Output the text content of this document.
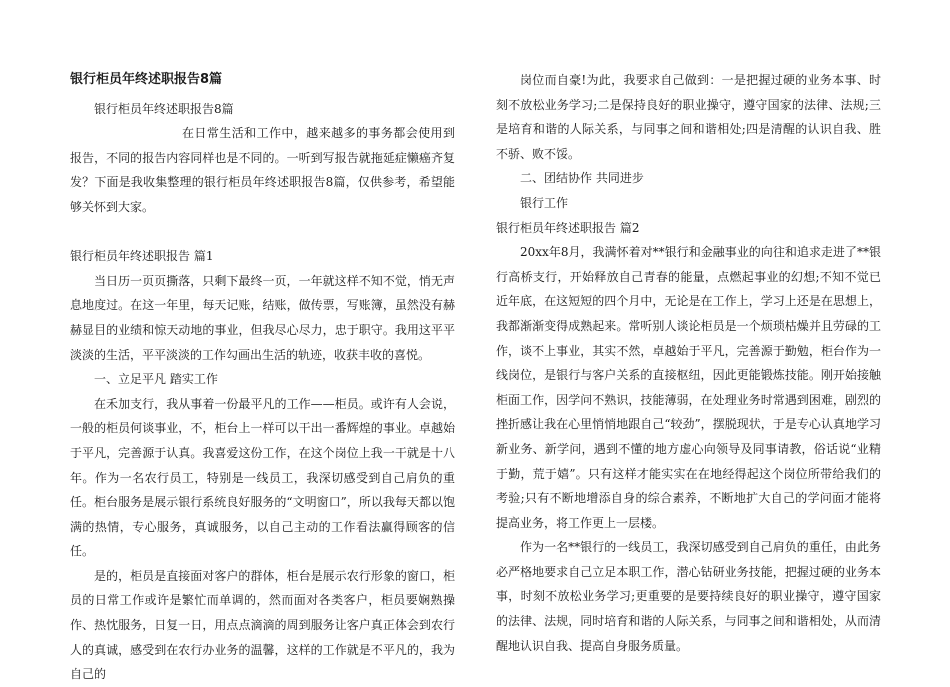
银行柜员年终述职报告8篇

银行柜员年终述职报告8篇

在日常生活和工作中，越来越多的事务都会使用到报告，不同的报告内容同样也是不同的。一听到写报告就拖延症懒癌齐复发？下面是我收集整理的银行柜员年终述职报告8篇，仅供参考，希望能够关怀到大家。

银行柜员年终述职报告 篇1

当日历一页页撕落，只剩下最终一页，一年就这样不知不觉，悄无声息地度过。在这一年里，每天记账，结账，做传票，写账簿，虽然没有赫赫显目的业绩和惊天动地的事业，但我尽心尽力，忠于职守。我用这平平淡淡的生活，平平淡淡的工作勾画出生活的轨迹，收获丰收的喜悦。

一、立足平凡 踏实工作

在禾加支行，我从事着一份最平凡的工作——柜员。或许有人会说，一般的柜员何谈事业，不，柜台上一样可以干出一番辉煌的事业。卓越始于平凡，完善源于认真。我喜爱这份工作，在这个岗位上我一干就是十八年。作为一名农行员工，特别是一线员工，我深切感受到自己肩负的重任。柜台服务是展示银行系统良好服务的“文明窗口”，所以我每天都以饱满的热情，专心服务，真诚服务，以自己主动的工作看法赢得顾客的信任。

是的，柜员是直接面对客户的群体，柜台是展示农行形象的窗口，柜员的日常工作或许是繁忙而单调的，然而面对各类客户，柜员要娴熟操作、热忱服务，日复一日，用点点滴滴的周到服务让客户真正体会到农行人的真诚，感受到在农行办业务的温馨，这样的工作就是不平凡的，我为自己的

岗位而自豪!为此，我要求自己做到：一是把握过硬的业务本事、时刻不放松业务学习;二是保持良好的职业操守，遵守国家的法律、法规;三是培育和谐的人际关系，与同事之间和谐相处;四是清醒的认识自我、胜不骄、败不馁。

二、团结协作 共同进步

银行工作

银行柜员年终述职报告 篇2

20xx年8月，我满怀着对**银行和金融事业的向往和追求走进了**银行高桥支行，开始释放自己青春的能量，点燃起事业的幻想;不知不觉已近年底，在这短短的四个月中，无论是在工作上，学习上还是在思想上，我都渐渐变得成熟起来。常听别人谈论柜员是一个烦琐枯燥并且劳碌的工作，谈不上事业，其实不然，卓越始于平凡，完善源于勤勉，柜台作为一线岗位，是银行与客户关系的直接枢纽，因此更能锻炼技能。刚开始接触柜面工作，因学问不熟识，技能薄弱，在处理业务时常遇到困难，剧烈的挫折感让我在心里悄悄地跟自己“较劲”，摆脱现状，于是专心认真地学习新业务、新学问，遇到不懂的地方虚心向领导及同事请教，俗话说“业精于勤，荒于嬉”。只有这样才能实实在在地经得起这个岗位所带给我们的考验;只有不断地增添自身的综合素养，不断地扩大自己的学问面才能将提高业务，将工作更上一层楼。

作为一名**银行的一线员工，我深切感受到自己肩负的重任，由此务必严格地要求自己立足本职工作，潜心钻研业务技能，把握过硬的业务本事，时刻不放松业务学习;更重要的是要持续良好的职业操守，遵守国家的法律、法规，同时培育和谐的人际关系，与同事之间和谐相处，从而清醒地认识自我、提高自身服务质量。
